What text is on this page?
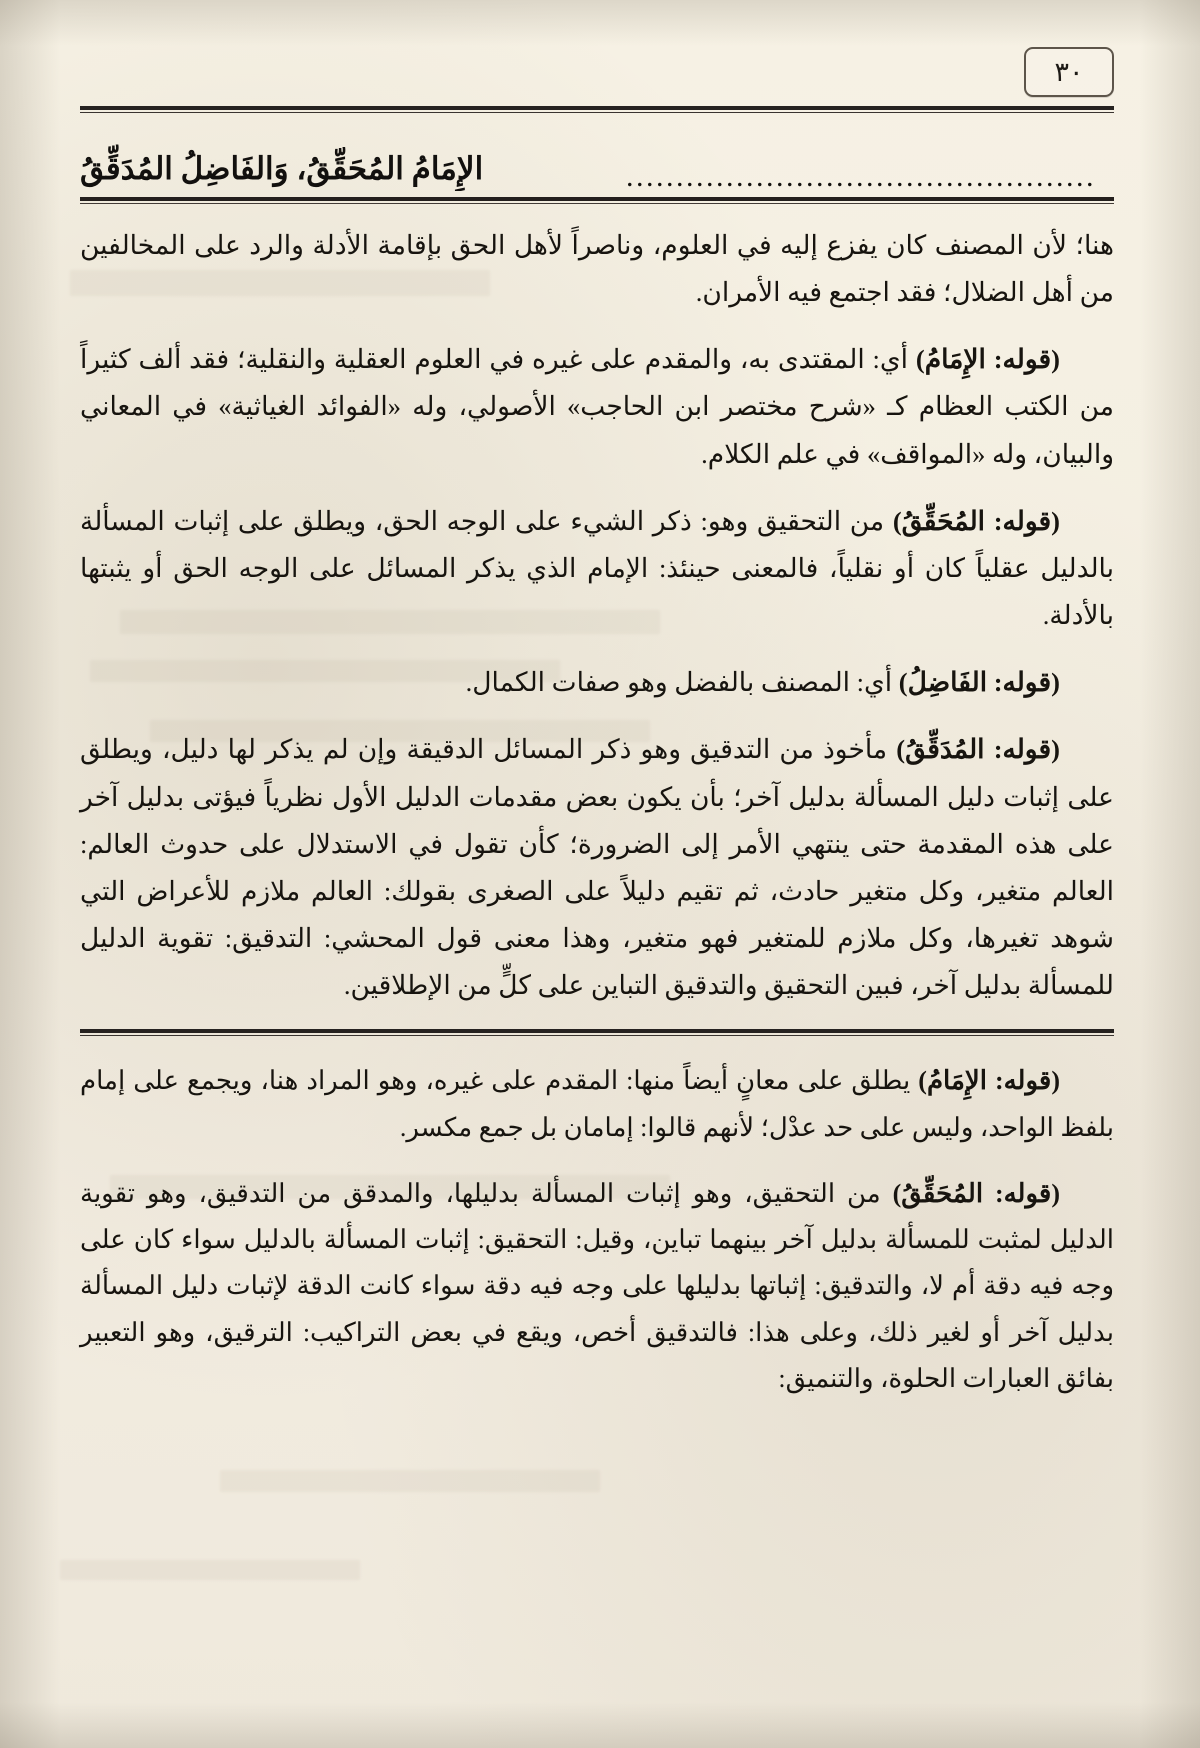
٣٠
الإِمَامُ المُحَقِّقُ، وَالفَاضِلُ المُدَقِّقُ	...............................................

هنا؛ لأن المصنف كان يفزع إليه في العلوم، وناصراً لأهل الحق بإقامة الأدلة والرد على المخالفين من أهل الضلال؛ فقد اجتمع فيه الأمران.

(قوله: الإِمَامُ) أي: المقتدى به، والمقدم على غيره في العلوم العقلية والنقلية؛ فقد ألف كثيراً من الكتب العظام كـ «شرح مختصر ابن الحاجب» الأصولي، وله «الفوائد الغياثية» في المعاني والبيان، وله «المواقف» في علم الكلام.

(قوله: المُحَقِّقُ) من التحقيق وهو: ذكر الشيء على الوجه الحق، ويطلق على إثبات المسألة بالدليل عقلياً كان أو نقلياً، فالمعنى حينئذ: الإمام الذي يذكر المسائل على الوجه الحق أو يثبتها بالأدلة.

(قوله: الفَاضِلُ) أي: المصنف بالفضل وهو صفات الكمال.

(قوله: المُدَقِّقُ) مأخوذ من التدقيق وهو ذكر المسائل الدقيقة وإن لم يذكر لها دليل، ويطلق على إثبات دليل المسألة بدليل آخر؛ بأن يكون بعض مقدمات الدليل الأول نظرياً فيؤتى بدليل آخر على هذه المقدمة حتى ينتهي الأمر إلى الضرورة؛ كأن تقول في الاستدلال على حدوث العالم: العالم متغير، وكل متغير حادث، ثم تقيم دليلاً على الصغرى بقولك: العالم ملازم للأعراض التي شوهد تغيرها، وكل ملازم للمتغير فهو متغير، وهذا معنى قول المحشي: التدقيق: تقوية الدليل للمسألة بدليل آخر، فبين التحقيق والتدقيق التباين على كلٍّ من الإطلاقين.

(قوله: الإِمَامُ) يطلق على معانٍ أيضاً منها: المقدم على غيره، وهو المراد هنا، ويجمع على إمام بلفظ الواحد، وليس على حد عدْل؛ لأنهم قالوا: إمامان بل جمع مكسر.

(قوله: المُحَقِّقُ) من التحقيق، وهو إثبات المسألة بدليلها، والمدقق من التدقيق، وهو تقوية الدليل لمثبت للمسألة بدليل آخر بينهما تباين، وقيل: التحقيق: إثبات المسألة بالدليل سواء كان على وجه فيه دقة أم لا، والتدقيق: إثباتها بدليلها على وجه فيه دقة سواء كانت الدقة لإثبات دليل المسألة بدليل آخر أو لغير ذلك، وعلى هذا: فالتدقيق أخص، ويقع في بعض التراكيب: الترقيق، وهو التعبير بفائق العبارات الحلوة، والتنميق:
